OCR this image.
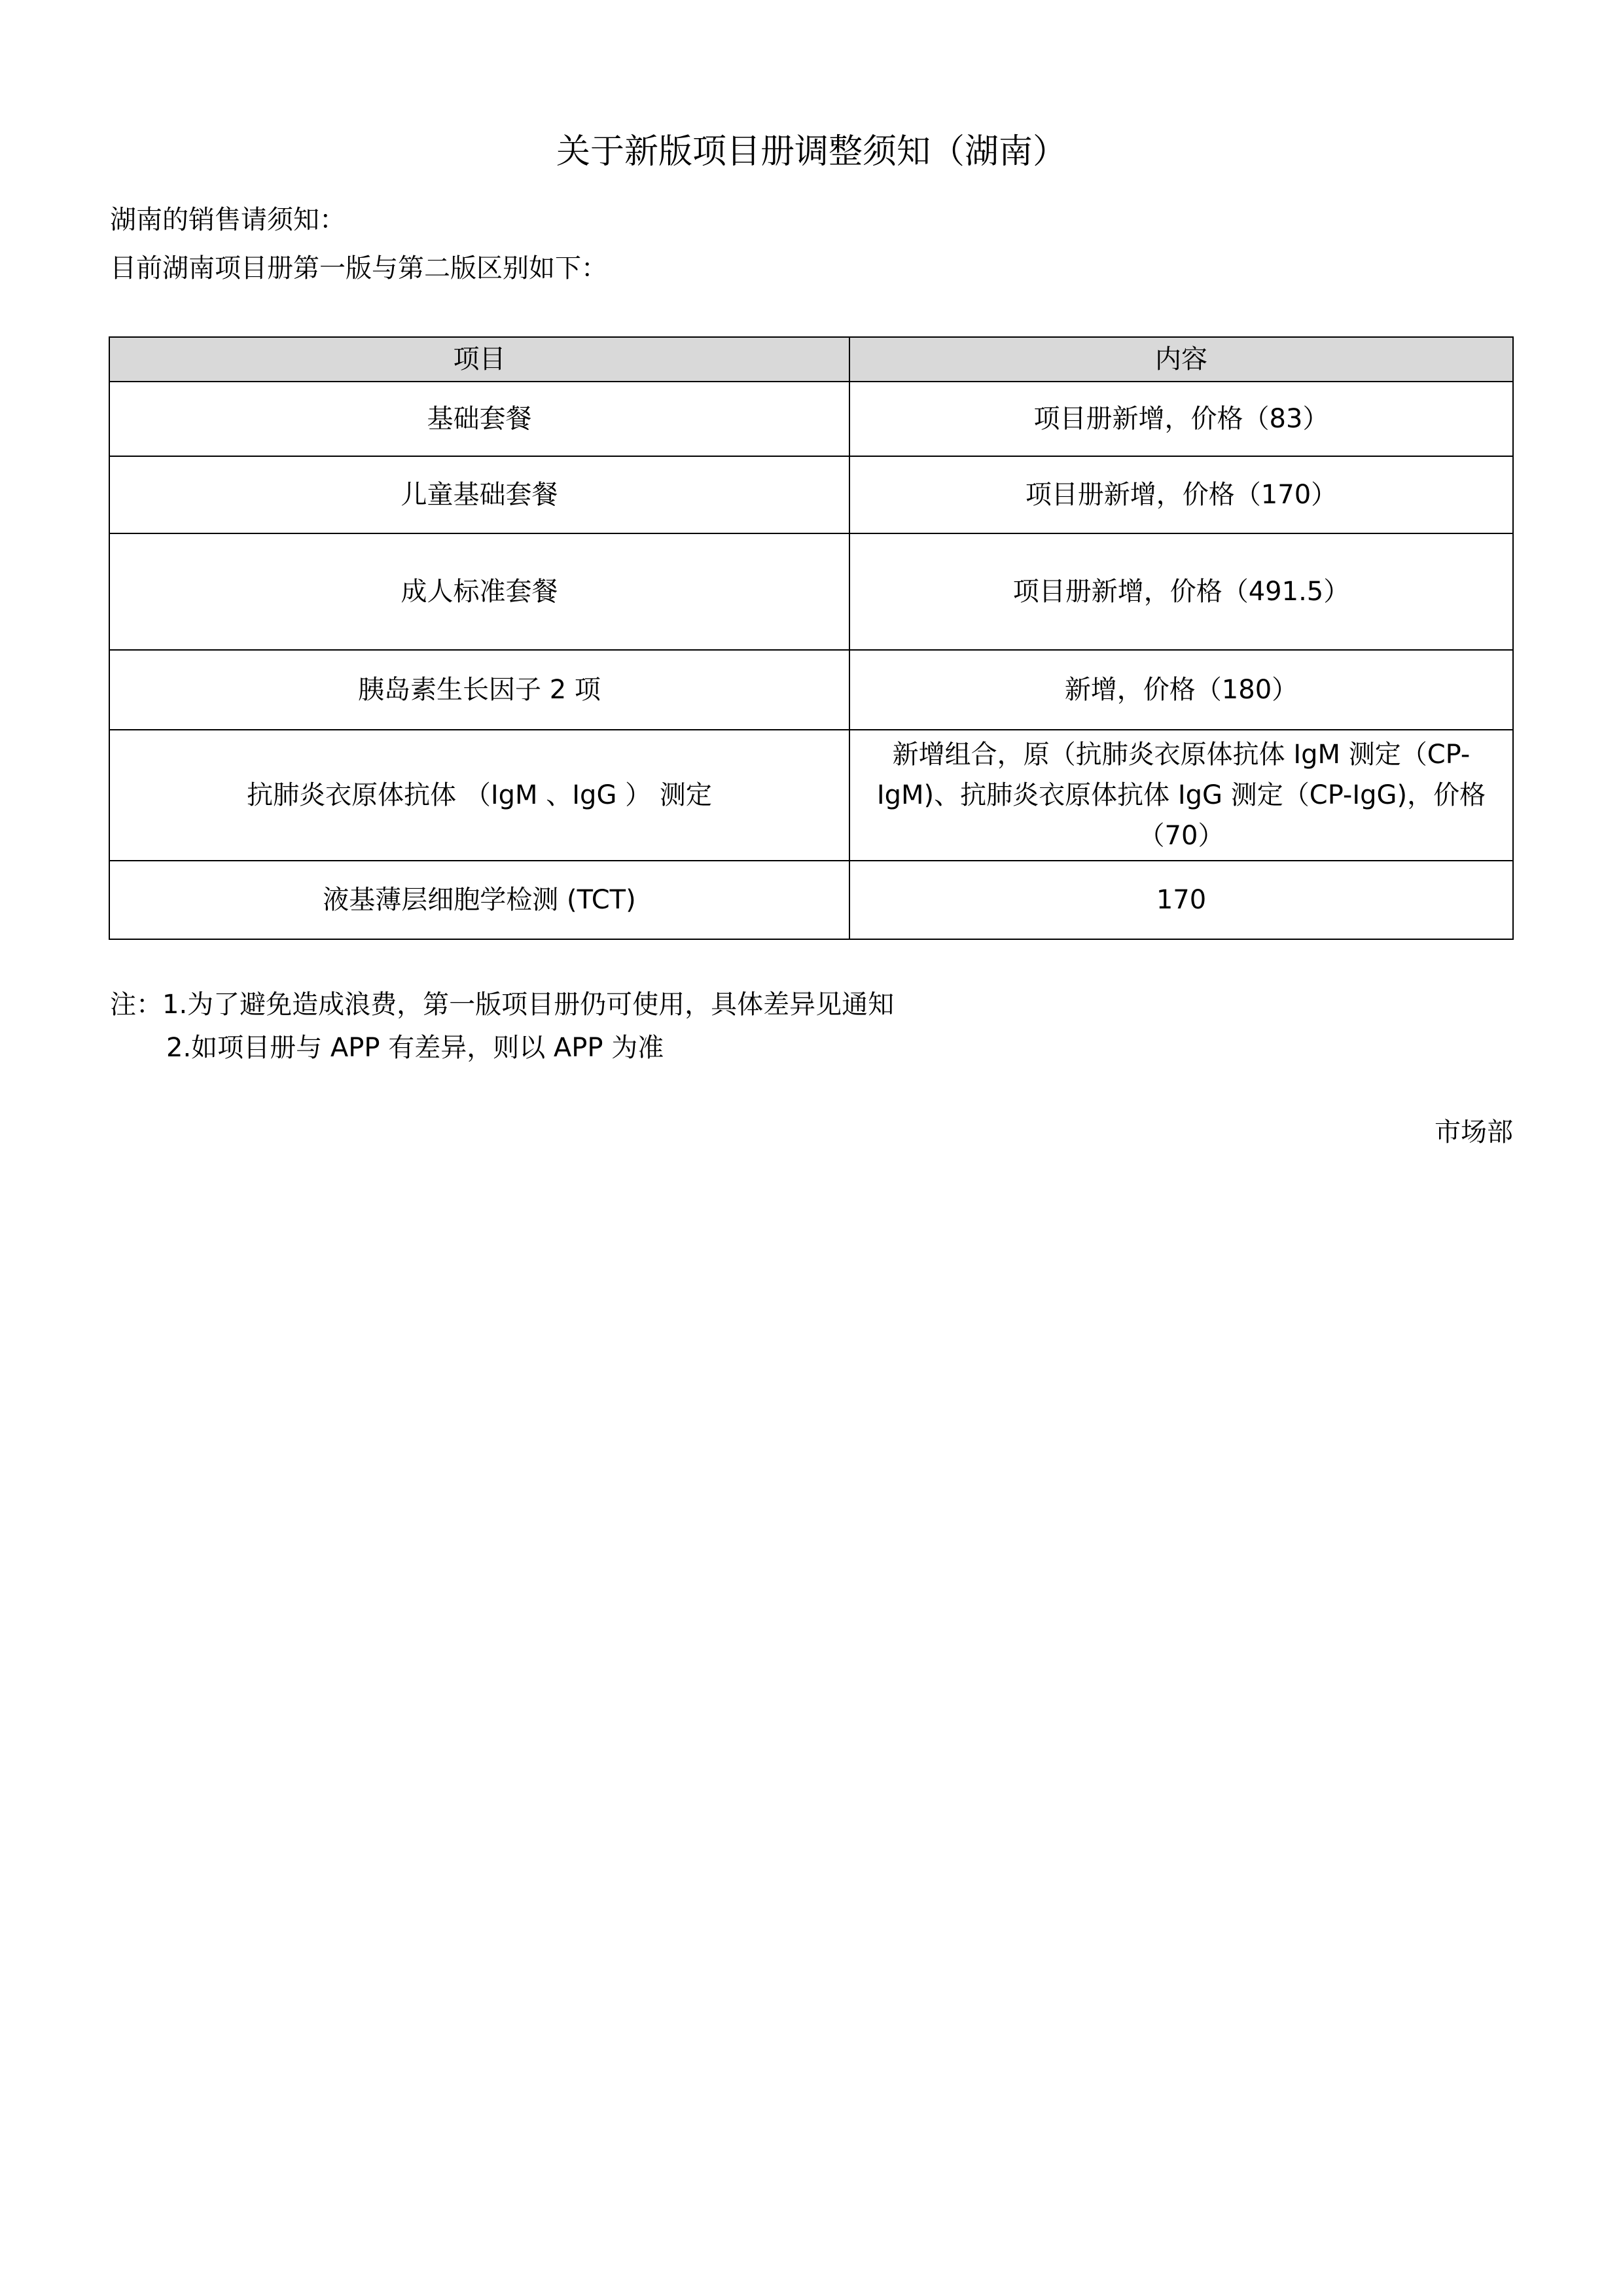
关于新版项目册调整须知（湖南）
湖南的销售请须知：
目前湖南项目册第一版与第二版区别如下：
项目	内容
基础套餐	项目册新增，价格（83）
儿童基础套餐	项目册新增，价格（170）
成人标准套餐	项目册新增，价格（491.5）
胰岛素生长因子 2 项	新增，价格（180）
抗肺炎衣原体抗体 （IgM 、IgG ） 测定	新增组合，原（抗肺炎衣原体抗体 IgM 测定（CP-IgM)、抗肺炎衣原体抗体 IgG 测定（CP-IgG)，价格（70）
液基薄层细胞学检测 (TCT)	170
注：1.为了避免造成浪费，第一版项目册仍可使用，具体差异见通知
2.如项目册与 APP 有差异，则以 APP 为准
市场部
